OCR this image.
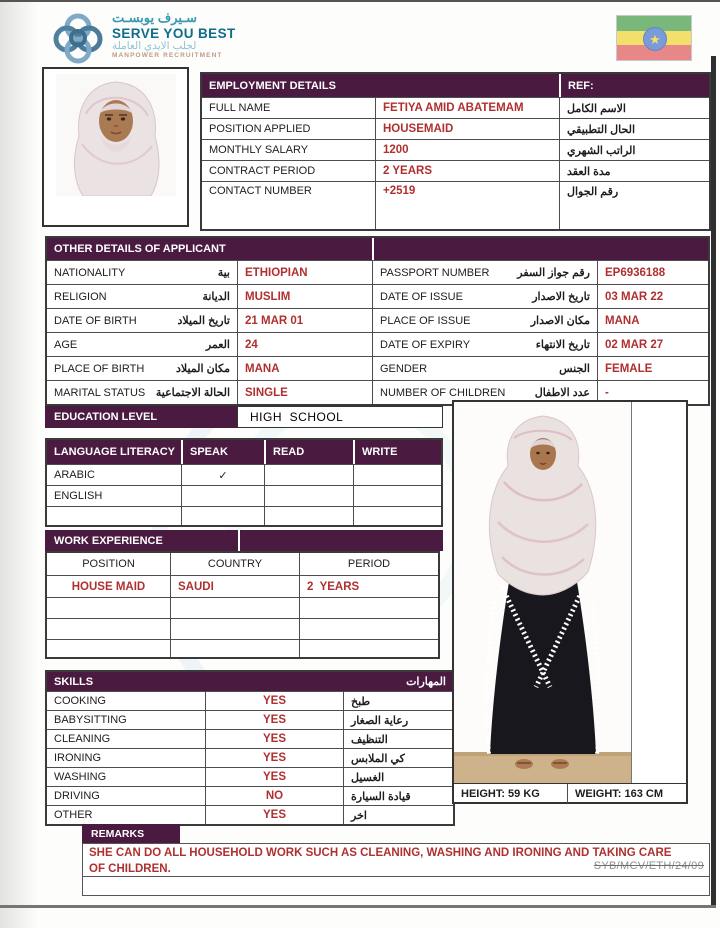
سـيرف يوبسـت
SERVE YOU BEST
لجلب الايدي العاملة
MANPOWER RECRUITMENT
★
EMPLOYMENT DETAILS	REF:
FULL NAME	FETIYA AMID ABATEMAM	الاسم الكامل
POSITION APPLIED	HOUSEMAID	الحال التطبيقي
MONTHLY SALARY	1200	الراتب الشهري
CONTRACT PERIOD	2 YEARS	مدة العقد
CONTACT NUMBER	+2519	رقم الجوال
OTHER DETAILS OF APPLICANT
NATIONALITY	بية	ETHIOPIAN	PASSPORT NUMBER	رقم جواز السفر	EP6936188
RELIGION	الديانة	MUSLIM	DATE OF ISSUE	تاريخ الاصدار	03 MAR 22
DATE OF BIRTH	تاريخ الميلاد	21 MAR 01	PLACE OF ISSUE	مكان الاصدار	MANA
AGE	العمر	24	DATE OF EXPIRY	تاريخ الانتهاء	02 MAR 27
PLACE OF BIRTH	مكان الميلاد	MANA	GENDER	الجنس	FEMALE
MARITAL STATUS الحالة الاجتماعية	SINGLE	NUMBER OF CHILDREN	عدد الاطفال	-
EDUCATION LEVEL	HIGH  SCHOOL
LANGUAGE LITERACY	SPEAK	READ	WRITE
ARABIC	✓
ENGLISH
WORK EXPERIENCE
POSITION	COUNTRY	PERIOD
HOUSE MAID	SAUDI	2  YEARS
SKILLS	المهارات
COOKING	YES	طبخ
BABYSITTING	YES	رعاية الصغار
CLEANING	YES	التنظيف
IRONING	YES	كي الملابس
WASHING	YES	الغسيل
DRIVING	NO	قيادة السيارة
OTHER	YES	اخر
HEIGHT: 59 KG	WEIGHT: 163 CM
REMARKS
SHE CAN DO ALL HOUSEHOLD WORK SUCH AS CLEANING, WASHING AND IRONING AND TAKING CARE OF CHILDREN.	SYB/MCV/ETH/24/09
